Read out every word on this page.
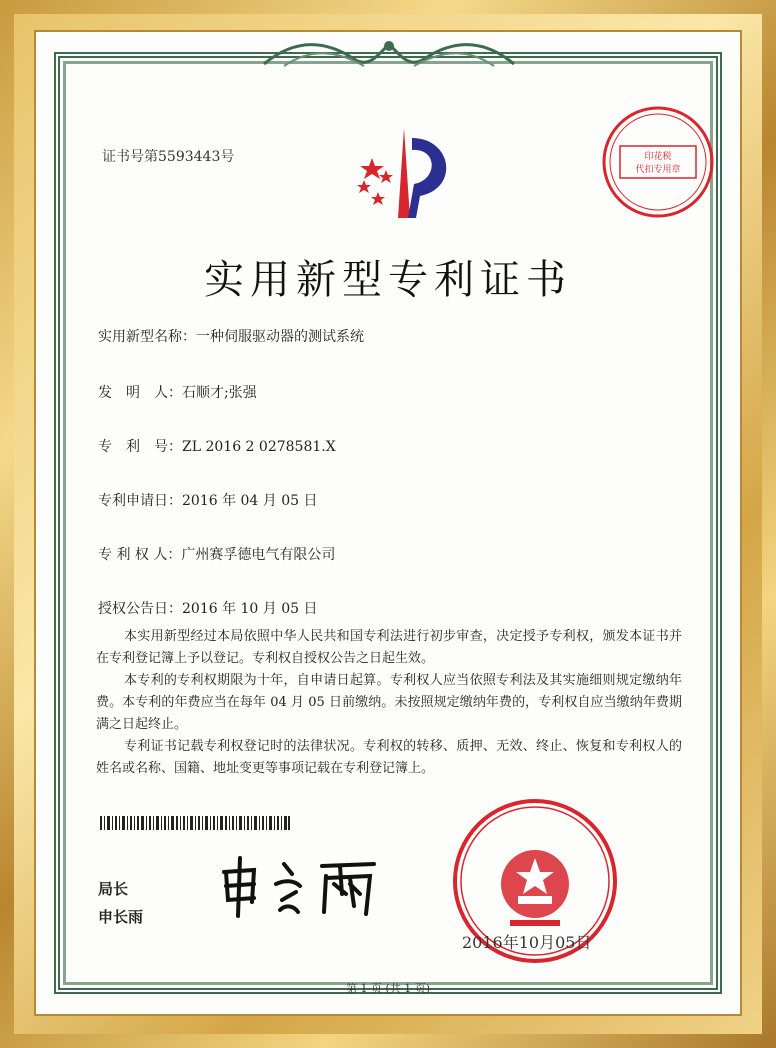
证书号第5593443号	印花税
代扣专用章
实用新型专利证书
实用新型名称：一种伺服驱动器的测试系统
发　明　人：石顺才;张强
专　利　号：ZL 2016 2 0278581.X
专利申请日：2016 年 04 月 05 日
专 利 权 人：广州赛孚德电气有限公司
授权公告日：2016 年 10 月 05 日

本实用新型经过本局依照中华人民共和国专利法进行初步审查，决定授予专利权，颁发本证书并在专利登记簿上予以登记。专利权自授权公告之日起生效。

本专利的专利权期限为十年，自申请日起算。专利权人应当依照专利法及其实施细则规定缴纳年费。本专利的年费应当在每年 04 月 05 日前缴纳。未按照规定缴纳年费的，专利权自应当缴纳年费期满之日起终止。

专利证书记载专利权登记时的法律状况。专利权的转移、质押、无效、终止、恢复和专利权人的姓名或名称、国籍、地址变更等事项记载在专利登记簿上。

局长
申长雨
2016年10月05日
第 1 页 (共 1 页)
